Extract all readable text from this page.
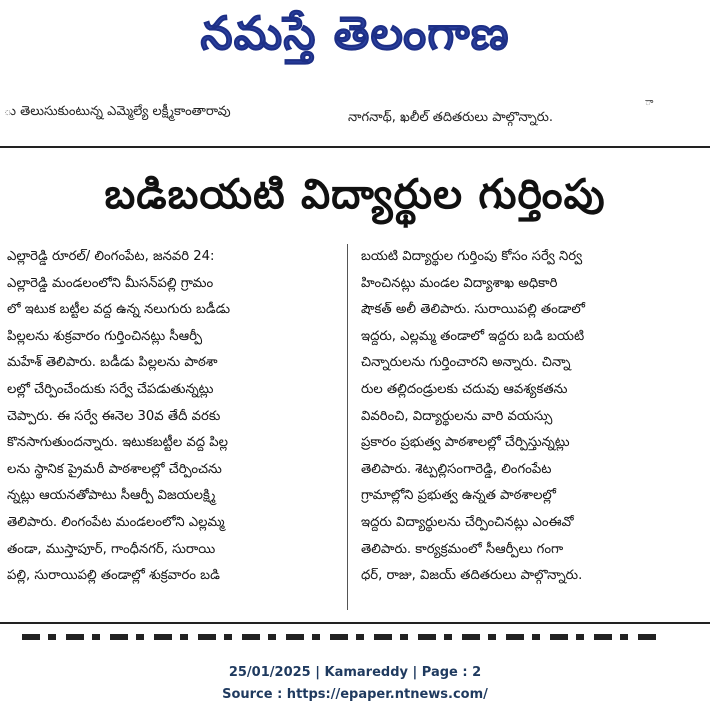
నమస్తే తెలంగాణ
ు తెలుసుకుంటున్న ఎమ్మెల్యే లక్ష్మీకాంతారావు	నాగనాథ్‌, ఖలీల్‌ తదితరులు పాల్గొన్నారు.
ా
బడిబయటి విద్యార్థుల గుర్తింపు

ఎల్లారెడ్డి రూరల్‌/ లింగంపేట, జనవరి 24:

ఎల్లారెడ్డి మండలంలోని మీసన్‌పల్లి గ్రామం

లో ఇటుక బట్టీల వద్ద ఉన్న నలుగురు బడీడు

పిల్లలను శుక్రవారం గుర్తించినట్లు సీఆర్పీ

మహేశ్‌ తెలిపారు. బడీడు పిల్లలను పాఠశా

లల్లో చేర్పించేందుకు సర్వే చేపడుతున్నట్లు

చెప్పారు. ఈ సర్వే ఈనెల 30వ తేదీ వరకు

కొనసాగుతుందన్నారు. ఇటుకబట్టీల వద్ద పిల్ల

లను స్థానిక ప్రైమరీ పాఠశాలల్లో చేర్పించను

న్నట్లు ఆయనతోపాటు సీఆర్పీ విజయలక్ష్మి

తెలిపారు. లింగంపేట మండలంలోని ఎల్లమ్మ

తండా, ముస్తాపూర్‌, గాంధీనగర్‌, సురాయి

పల్లి, సురాయిపల్లి తండాల్లో శుక్రవారం బడి

బయటి విద్యార్థుల గుర్తింపు కోసం సర్వే నిర్వ

హించినట్లు మండల విద్యాశాఖ అధికారి

షౌకత్‌ అలీ తెలిపారు. సురాయిపల్లి తండాలో

ఇద్దరు, ఎల్లమ్మ తండాలో ఇద్దరు బడి బయటి

చిన్నారులను గుర్తించారని అన్నారు. చిన్నా

రుల తల్లిదండ్రులకు చదువు ఆవశ్యకతను

వివరించి, విద్యార్థులను వారి వయస్సు

ప్రకారం ప్రభుత్వ పాఠశాలల్లో చేర్పిస్తున్నట్లు

తెలిపారు. శెట్పల్లిసంగారెడ్డి, లింగంపేట

గ్రామాల్లోని ప్రభుత్వ ఉన్నత పాఠశాలల్లో

ఇద్దరు విద్యార్థులను చేర్పించినట్లు ఎంఈవో

తెలిపారు. కార్యక్రమంలో సీఆర్పీలు గంగా

ధర్‌, రాజు, విజయ్‌ తదితరులు పాల్గొన్నారు.

25/01/2025 | Kamareddy | Page : 2
Source : https://epaper.ntnews.com/
